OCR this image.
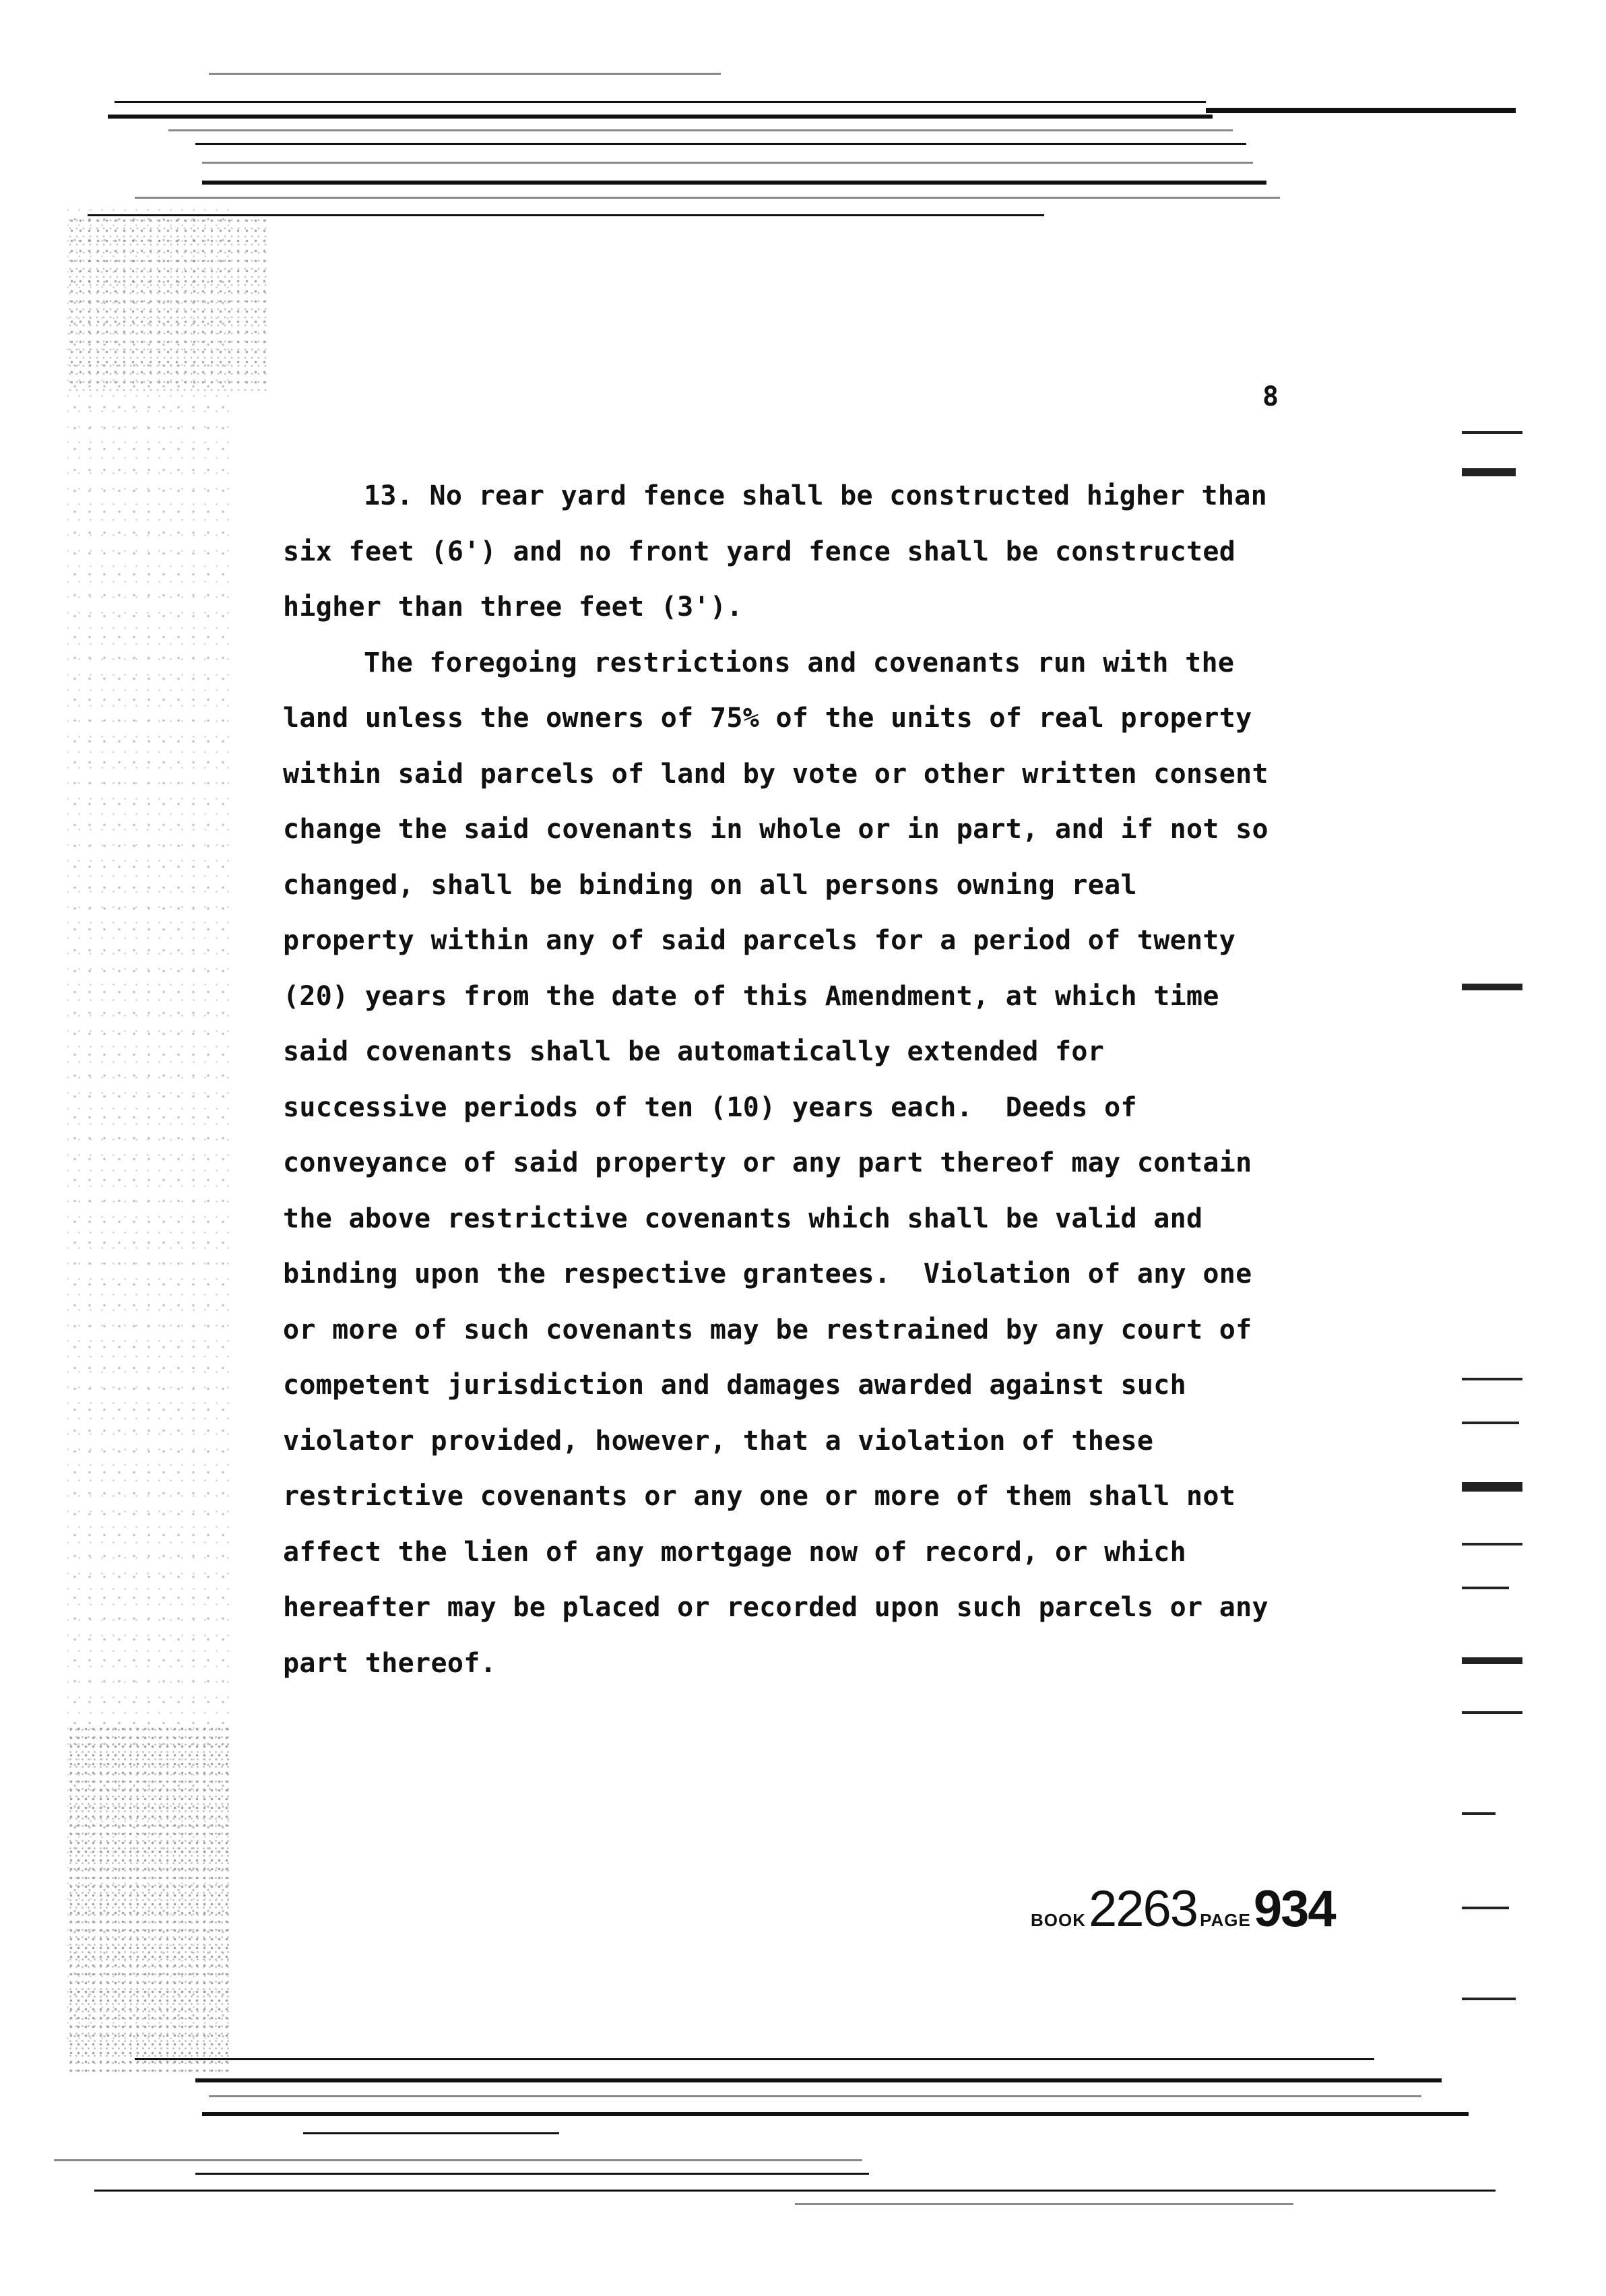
8
13. No rear yard fence shall be constructed higher than
six feet (6') and no front yard fence shall be constructed
higher than three feet (3').
The foregoing restrictions and covenants run with the
land unless the owners of 75% of the units of real property
within said parcels of land by vote or other written consent
change the said covenants in whole or in part, and if not so
changed, shall be binding on all persons owning real
property within any of said parcels for a period of twenty
(20) years from the date of this Amendment, at which time
said covenants shall be automatically extended for
successive periods of ten (10) years each.  Deeds of
conveyance of said property or any part thereof may contain
the above restrictive covenants which shall be valid and
binding upon the respective grantees.  Violation of any one
or more of such covenants may be restrained by any court of
competent jurisdiction and damages awarded against such
violator provided, however, that a violation of these
restrictive covenants or any one or more of them shall not
affect the lien of any mortgage now of record, or which
hereafter may be placed or recorded upon such parcels or any
part thereof.
BOOK 2263 PAGE 934
